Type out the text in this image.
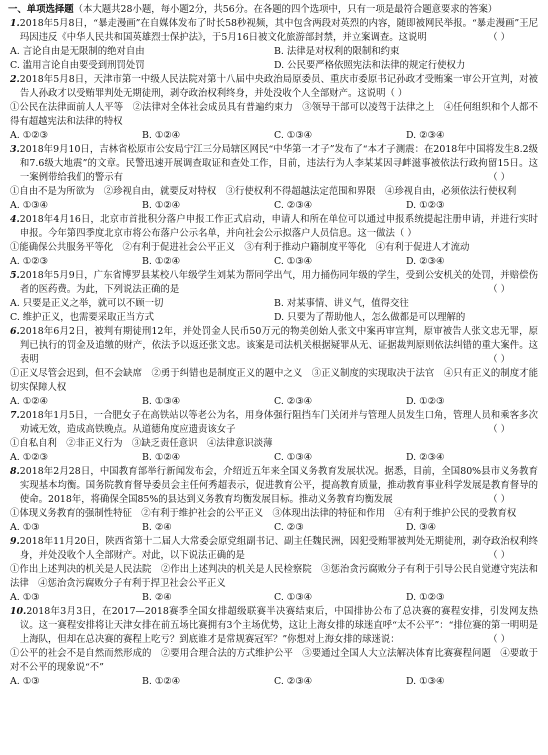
一、单项选择题（本大题共28小题，每小题2分，共56分。在各题的四个选项中，只有一项是最符合题意要求的答案）
1.2018年5月8日，“暴走漫画”在自媒体发布了时长58秒视频，其中包含两段对英烈的内容，随即被网民举报。“暴走漫画”王尼玛因违反《中华人民共和国英雄烈士保护法》，于5月16日被文化旅游部封禁，并立案调查。这说明	（ ）
A. 言论自由是无限制的绝对自由	B. 法律是对权利的限制和约束
C. 滥用言论自由要受到刑罚处罚	D. 公民要严格依照宪法和法律的规定行使权力
2.2018年5月8日，天津市第一中级人民法院对第十八届中央政治局原委员、重庆市委原书记孙政才受贿案一审公开宣判，对被告人孙政才以受贿罪判处无期徒刑，剥夺政治权利终身，并处没收个人全部财产。这说明（ ）
①公民在法律面前人人平等　②法律对全体社会成员具有普遍约束力　③领导干部可以凌驾于法律之上　④任何组织和个人都不得有超越宪法和法律的特权
A. ①②③	B. ①②④	C. ①③④	D. ②③④
3.2018年9月10日，吉林省松原市公安局宁江三分局辖区网民“中华第一才子”发布了“本才子测震：在2018年中国将发生8.2级和7.6级大地震”的文章。民警迅速开展调查取证和查处工作，目前，违法行为人李某某因寻衅滋事被依法行政拘留15日。这一案例带给我们的警示有	（ ）
①自由不是为所欲为　②珍视自由，就要反对特权　③行使权利不得超越法定范围和界限　④珍视自由，必须依法行使权利
A. ①③④	B. ①②④	C. ②③④	D. ①②③
4.2018年4月16日，北京市首批积分落户申报工作正式启动，申请人和所在单位可以通过申报系统提起注册申请，并进行实时申报。今年第四季度北京市将公布落户公示名单，并向社会公示拟落户人员信息。这一做法（ ）
①能确保公共服务平等化　②有利于促进社会公平正义　③有利于推动户籍制度平等化　④有利于促进人才流动
A. ①②③	B. ①②④	C. ①③④	D. ②③④
5.2018年5月9日，广东省博罗县某校八年级学生刘某为帮同学出气，用力捅伤同年级的学生，受到公安机关的处罚，并赔偿伤者的医药费。为此，下列说法正确的是	（ ）
A. 只要是正义之举，就可以不顾一切	B. 对某事情、讲义气，值得交往
C. 维护正义，也需要采取正当方式	D. 只要为了帮助他人，怎么做都是可以理解的
6.2018年6月2日，被判有期徒刑12年，并处罚金人民币50万元的物美创始人张文中案再审宣判，原审被告人张文忠无罪，原判已执行的罚金及追缴的财产，依法予以返还张文忠。该案是司法机关根据疑罪从无、证据裁判原则依法纠错的重大案件。这表明	（ ）
①正义尽管会迟到，但不会缺席　②勇于纠错也是制度正义的题中之义　③正义制度的实现取决于法官　④只有正义的制度才能切实保障人权
A. ①②④	B. ①③④	C. ②③④	D. ①②③
7.2018年1月5日，一合肥女子在高铁站以等老公为名，用身体强行阻挡车门关闭并与管理人员发生口角，管理人员和乘客多次劝诫无效，造成高铁晚点。从道德角度应遗责该女子	（ ）
①自私自利　②非正义行为　③缺乏责任意识　④法律意识淡薄
A. ①②③	B. ①②④	C. ①③④	D. ②③④
8.2018年2月28日，中国教育部举行新闻发布会，介绍近五年来全国义务教育发展状况。据悉，目前，全国80%县市义务教育实现基本均衡。国务院教育督导委员会主任何秀超表示，促进教育公平，提高教育质量，推动教育事业科学发展是教育督导的使命。2018年，将确保全国85%的县达到义务教育均衡发展目标。推动义务教育均衡发展	（ ）
①体现义务教育的强制性特征　②有利于维护社会的公平正义　③体现出法律的特征和作用　④有利于维护公民的受教育权
A. ①③	B. ②④	C. ②③	D. ③④
9.2018年11月20日，陕西省第十二届人大常委会原党组副书记、副主任魏民洲，因犯受贿罪被判处无期徒刑，剥夺政治权利终身，并处没收个人全部财产。对此，以下说法正确的是	（ ）
①作出上述判决的机关是人民法院　②作出上述判决的机关是人民检察院　③惩治贪污腐败分子有利于引导公民自觉遵守宪法和法律　④惩治贪污腐败分子有利于捍卫社会公平正义
A. ①③	B. ②④	C. ①③④	D. ①②③
10.2018年3月3日，在2017—2018赛季全国女排超级联赛半决赛结束后，中国排协公布了总决赛的赛程安排，引发网友热议。这一赛程安排将让天津女排在前五场比赛拥有3个主场优势，这让上海女排的球迷直呼“太不公平”：“排位赛的第一明明是上海队，但却在总决赛的赛程上吃亏？到底谁才是常规赛冠军？”你想对上海女排的球迷说：	（ ）
①公平的社会不是自然而然形成的　②要用合理合法的方式维护公平　③要通过全国人大立法解决体育比赛赛程问题　④要敢于对不公平的现象说“不”
A. ①③	B. ①②④	C. ②③④	D. ①③④
